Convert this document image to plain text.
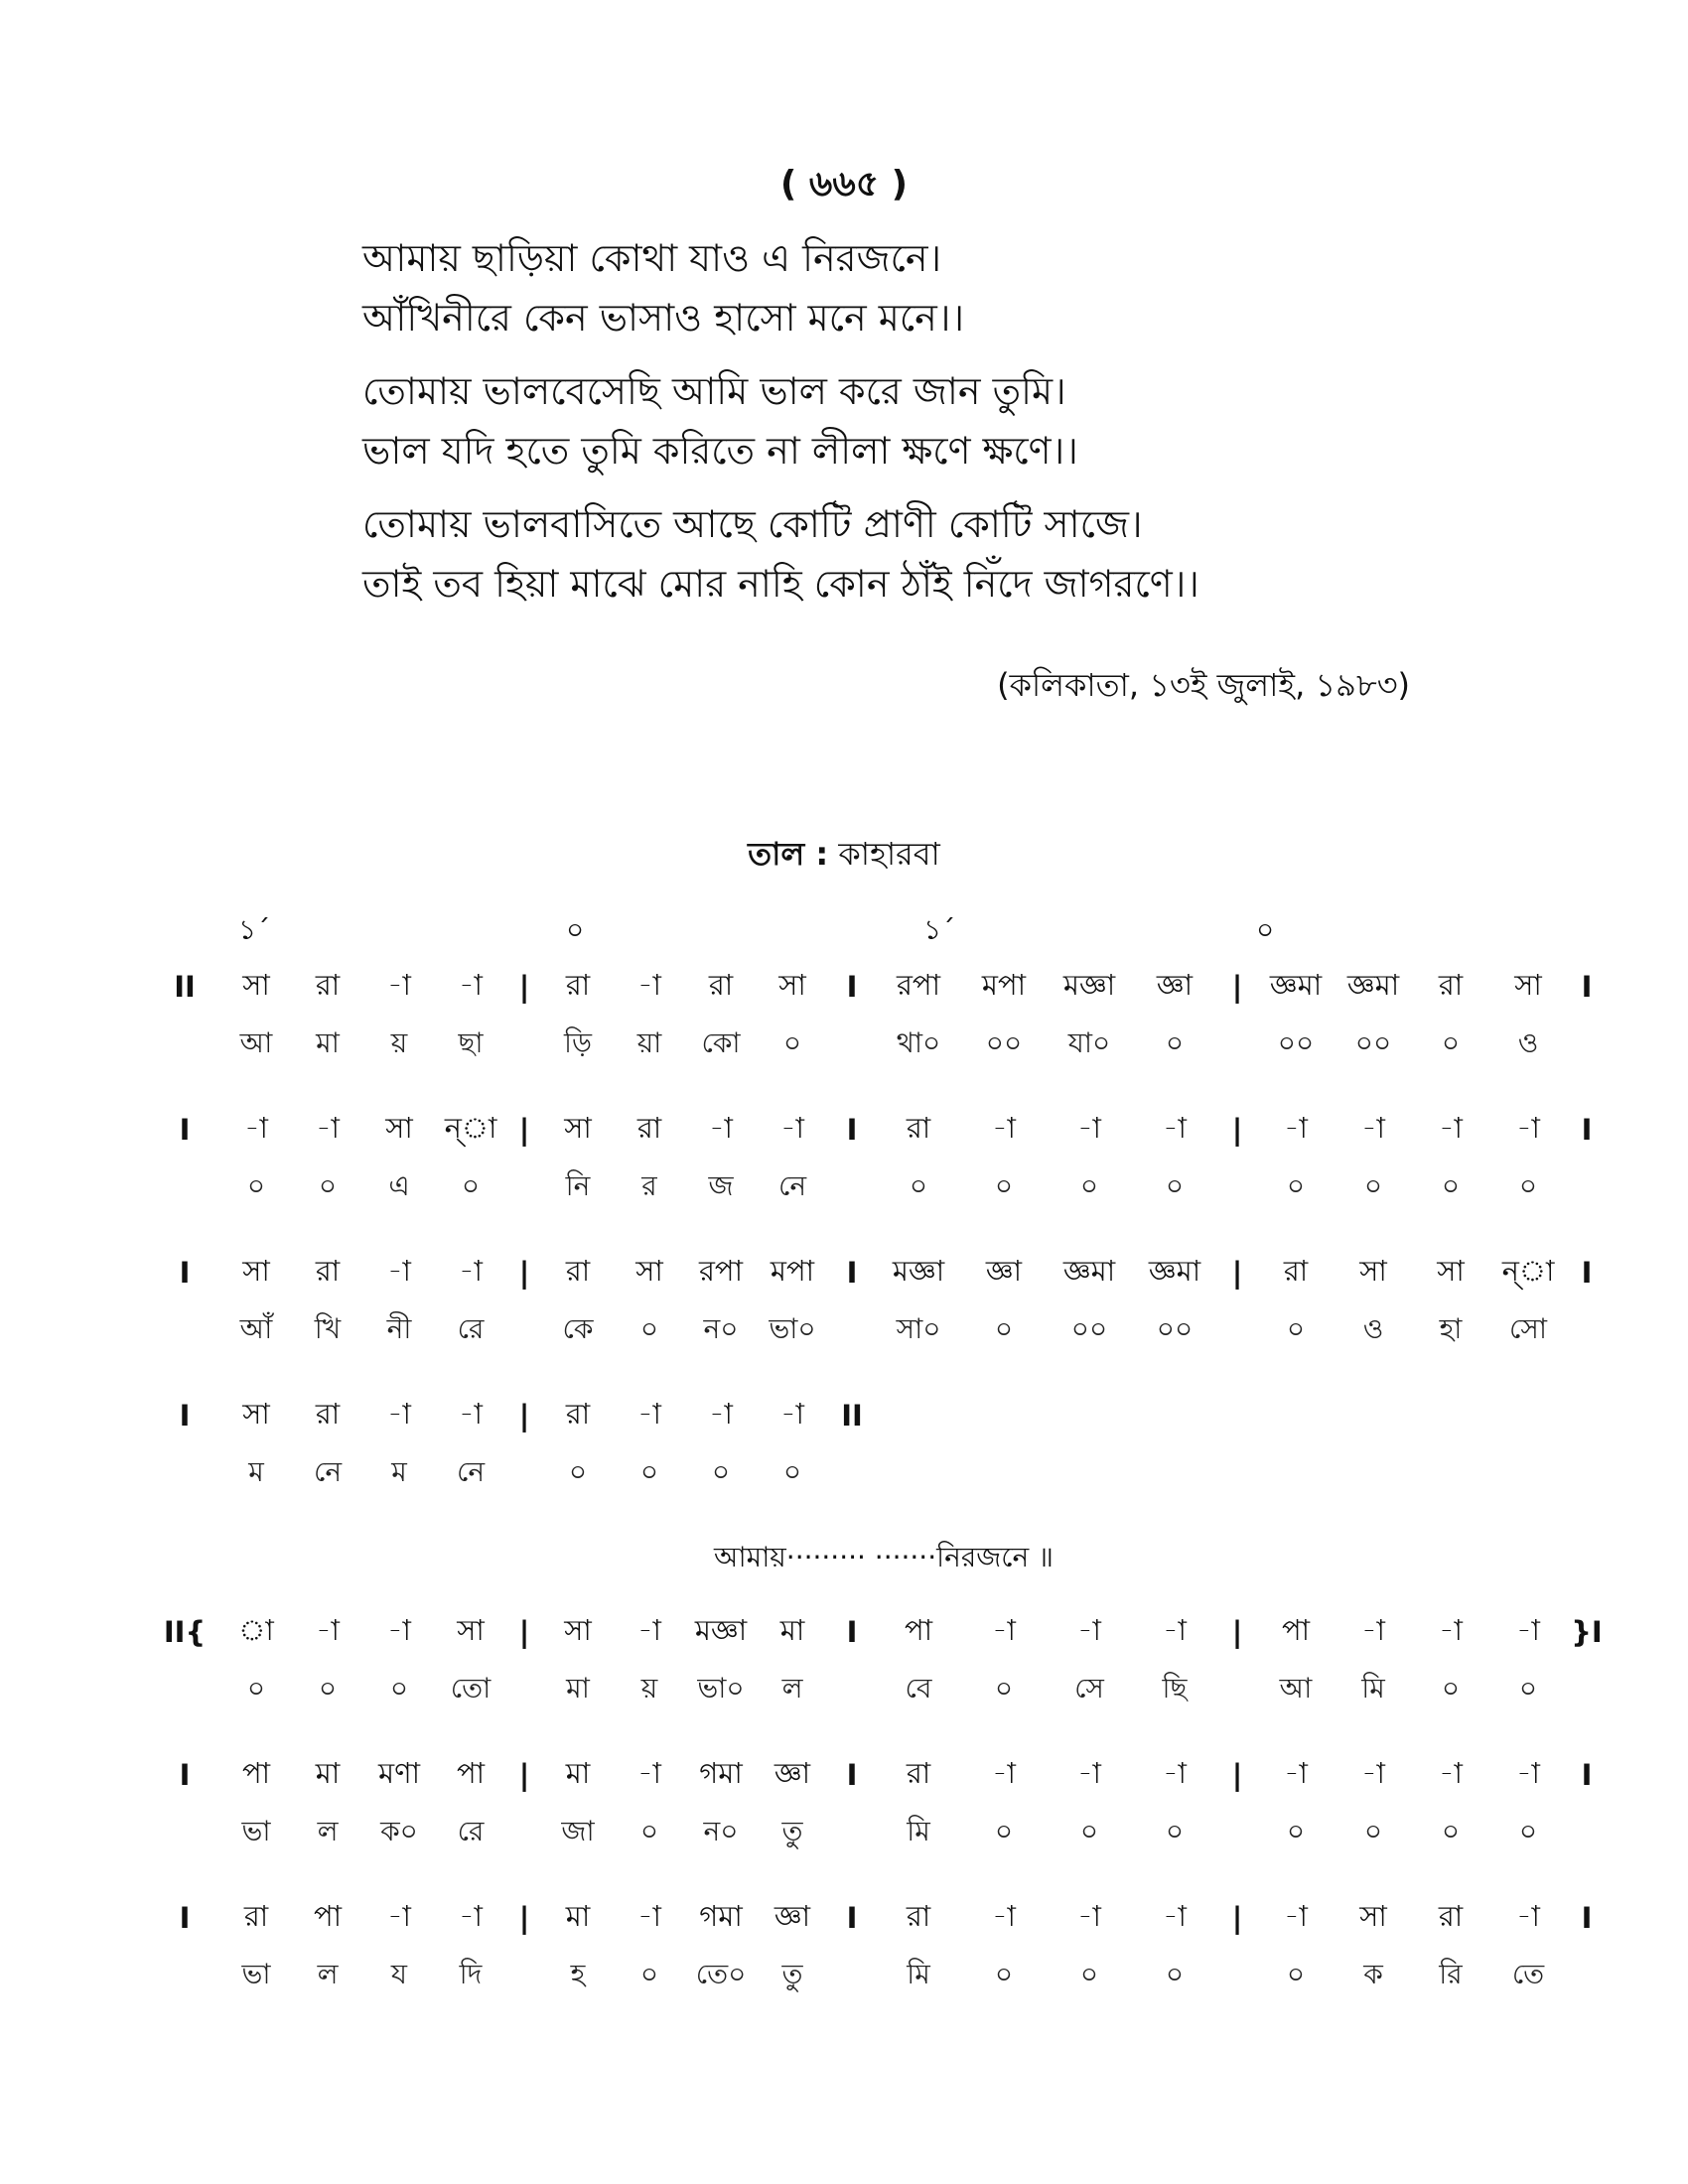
( ৬৬৫ )
আমায় ছাড়িয়া কোথা যাও এ নিরজনে।
আঁখিনীরে কেন ভাসাও হাসো মনে মনে।।
তোমায় ভালবেসেছি আমি ভাল করে জান তুমি।
ভাল যদি হতে তুমি করিতে না লীলা ক্ষণে ক্ষণে।।
তোমায় ভালবাসিতে আছে কোটি প্রাণী কোটি সাজে।
তাই তব হিয়া মাঝে মোর নাহি কোন ঠাঁই নিঁদে জাগরণে।।
(কলিকাতা, ১৩ই জুলাই, ১৯৮৩)
তাল : কাহারবা
১´	০	১´	০
II	সা	রা	-া	-া	|	রা	-া	রা	সা	I	রপা	মপা	মজ্ঞা	জ্ঞা	| জ্ঞমা জ্ঞমা	রা	সা	I
আ	মা	য়	ছা	ড়ি	য়া	কো	০	থা০	০০	যা০	০	০০	০০	০	ও
I	-া	-া	সা	ন্া |	সা	রা	-া	-া	I	রা	-া	-া	-া	|	-া	-া	-া	-া	I
০	০	এ	০	নি	র	জ	নে	০	০	০	০	০	০	০	০
I	সা	রা	-া	-া	|	রা	সা	রপা মপা	I	মজ্ঞা	জ্ঞা	জ্ঞমা	জ্ঞমা	|	রা	সা	সা	ন্া I
আঁ	খি	নী	রে	কে	০	ন০	ভা০	সা০	০	০০	০০	০	ও	হা	সো
I	সা	রা	-া	-া	|	রা	-া	-া	-া	II
ম	নে	ম	নে	০	০	০	০
আমায়········· ·······নিরজনে ॥
II{	া	-া	-া	সা	|	সা	-া	মজ্ঞা	মা	I	পা	-া	-া	-া	|	পা	-া	-া	-া	}I
০	০	০	তো	মা	য়	ভা০	ল	বে	০	সে	ছি	আ	মি	০	০
I	পা	মা	মণা	পা	|	মা	-া	গমা	জ্ঞা	I	রা	-া	-া	-া	|	-া	-া	-া	-া	I
ভা	ল	ক০	রে	জা	০	ন০	তু	মি	০	০	০	০	০	০	০
I	রা	পা	-া	-া	|	মা	-া	গমা	জ্ঞা	I	রা	-া	-া	-া	|	-া	সা	রা	-া	I
ভা	ল	য	দি	হ	০	তে০	তু	মি	০	০	০	০	ক	রি	তে
